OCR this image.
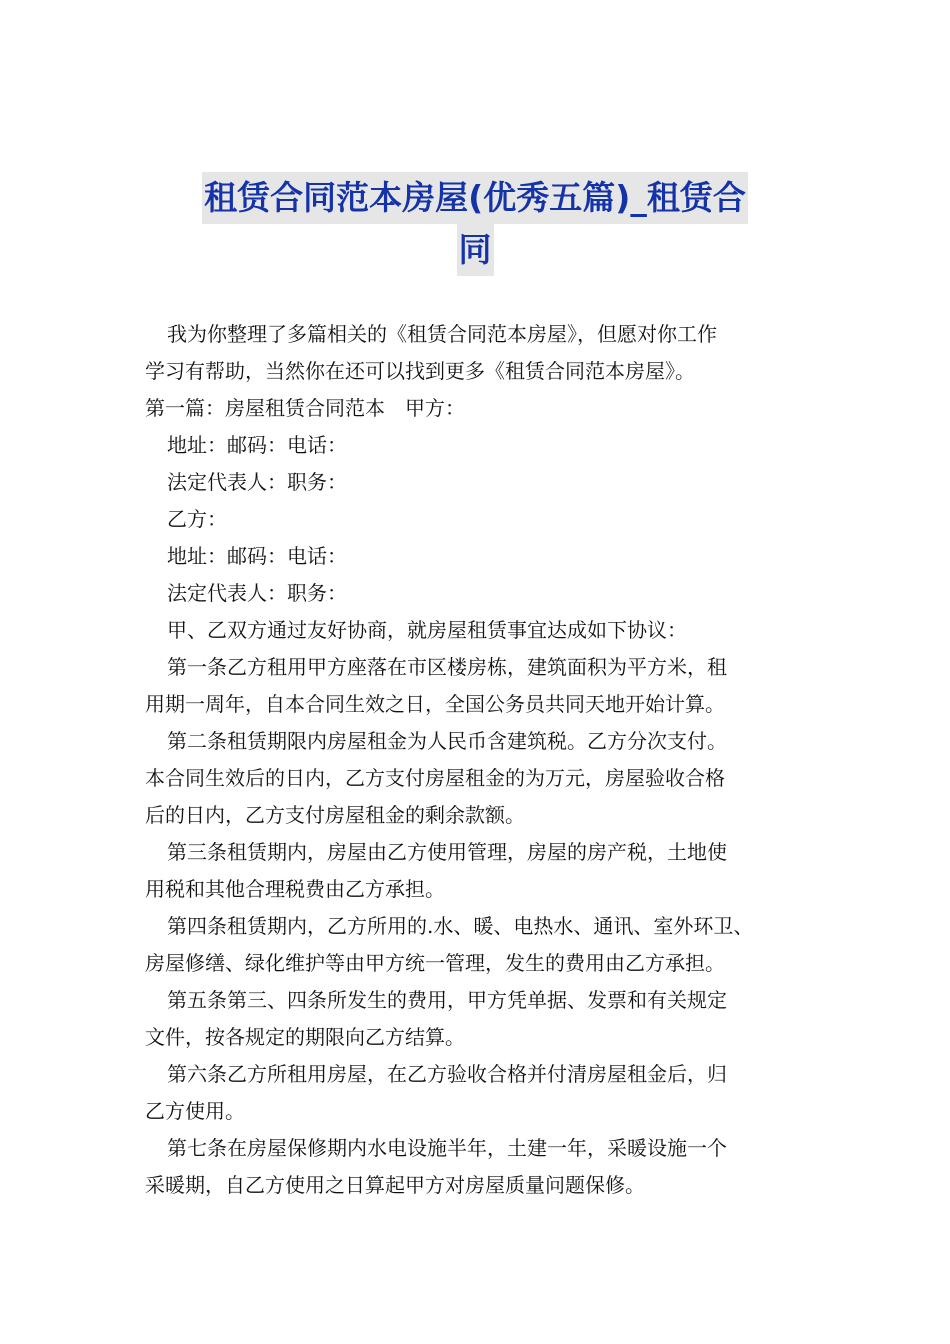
租赁合同范本房屋(优秀五篇)_租赁合
同
我为你整理了多篇相关的《租赁合同范本房屋》，但愿对你工作
学习有帮助，当然你在还可以找到更多《租赁合同范本房屋》。
第一篇：房屋租赁合同范本　甲方：
地址：邮码：电话：
法定代表人：职务：
乙方：
地址：邮码：电话：
法定代表人：职务：
甲、乙双方通过友好协商，就房屋租赁事宜达成如下协议：
第一条乙方租用甲方座落在市区楼房栋，建筑面积为平方米，租
用期一周年，自本合同生效之日，全国公务员共同天地开始计算。
第二条租赁期限内房屋租金为人民币含建筑税。乙方分次支付。
本合同生效后的日内，乙方支付房屋租金的为万元，房屋验收合格
后的日内，乙方支付房屋租金的剩余款额。
第三条租赁期内，房屋由乙方使用管理，房屋的房产税，土地使
用税和其他合理税费由乙方承担。
第四条租赁期内，乙方所用的.水、暖、电热水、通讯、室外环卫、
房屋修缮、绿化维护等由甲方统一管理，发生的费用由乙方承担。
第五条第三、四条所发生的费用，甲方凭单据、发票和有关规定
文件，按各规定的期限向乙方结算。
第六条乙方所租用房屋，在乙方验收合格并付清房屋租金后，归
乙方使用。
第七条在房屋保修期内水电设施半年，土建一年，采暖设施一个
采暖期，自乙方使用之日算起甲方对房屋质量问题保修。
